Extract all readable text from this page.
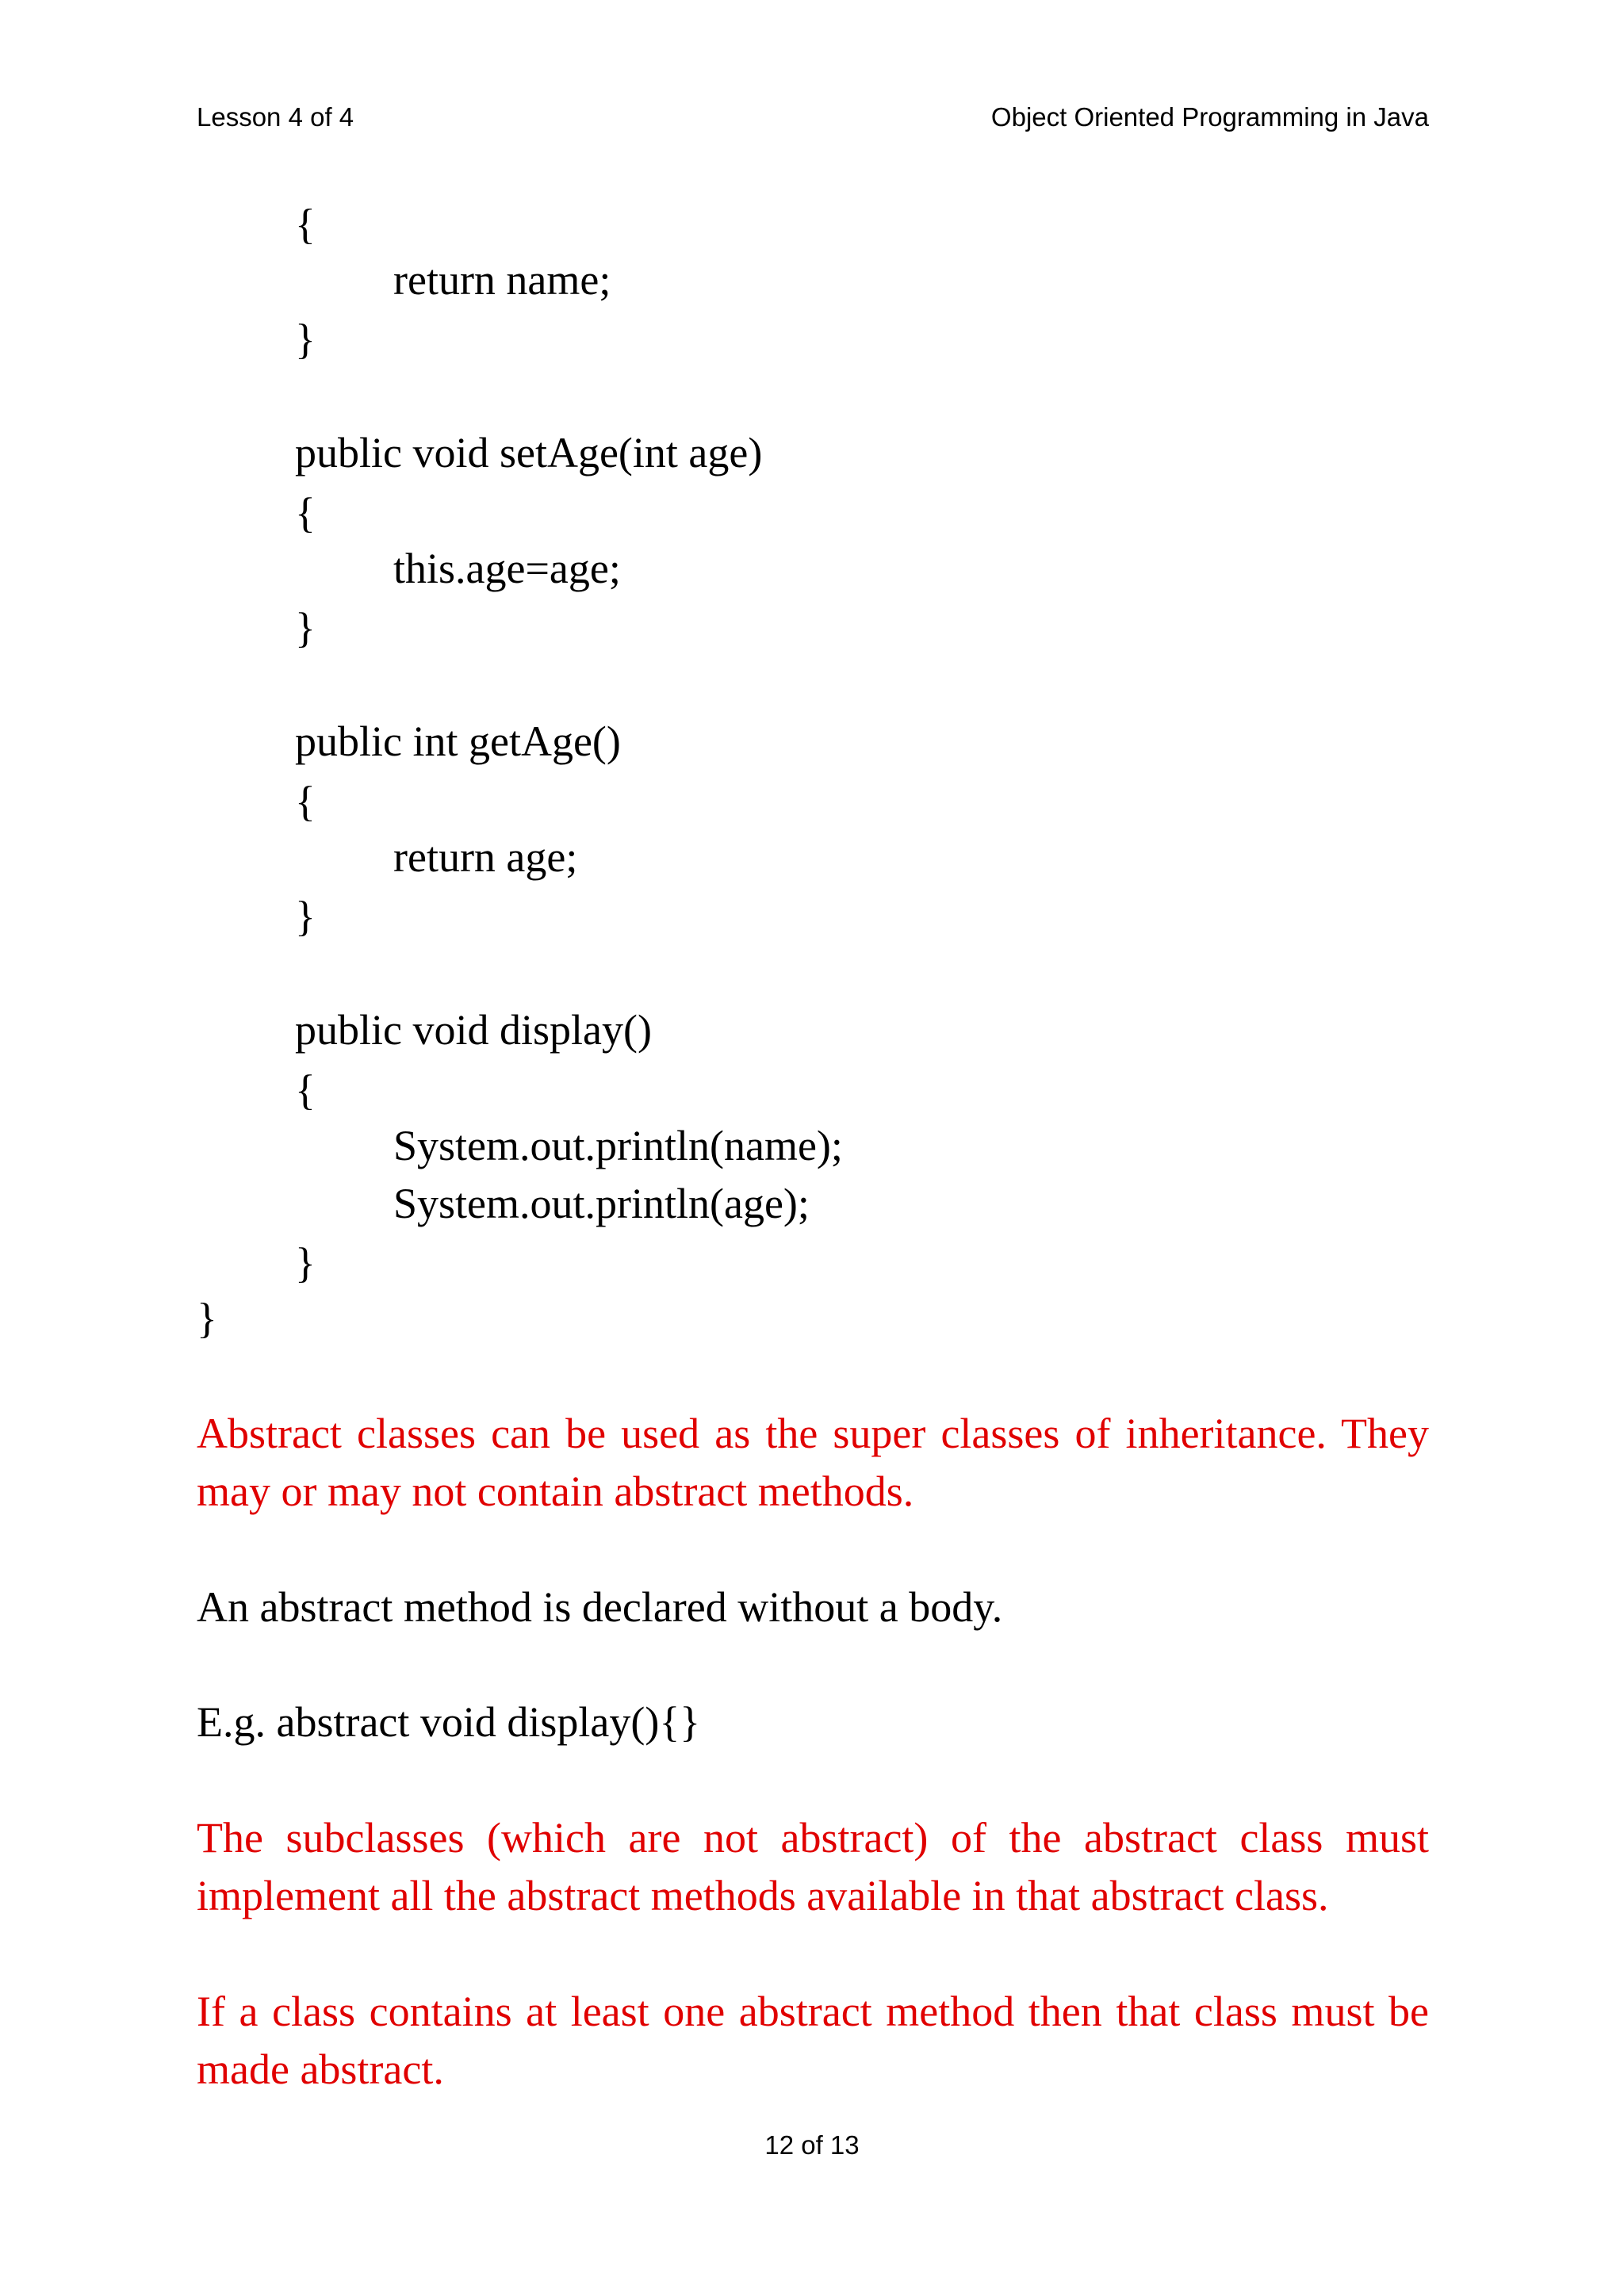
Lesson 4 of 4	Object Oriented Programming in Java
{
return name;
}
public void setAge(int age)
{
this.age=age;
}
public int getAge()
{
return age;
}
public void display()
{
System.out.println(name);
System.out.println(age);
}
}
Abstract classes can be used as the super classes of inheritance. They may or may not contain abstract methods.
An abstract method is declared without a body.
E.g. abstract void display(){}
The subclasses (which are not abstract) of the abstract class must implement all the abstract methods available in that abstract class.
If a class contains at least one abstract method then that class must be made abstract.
12 of 13
